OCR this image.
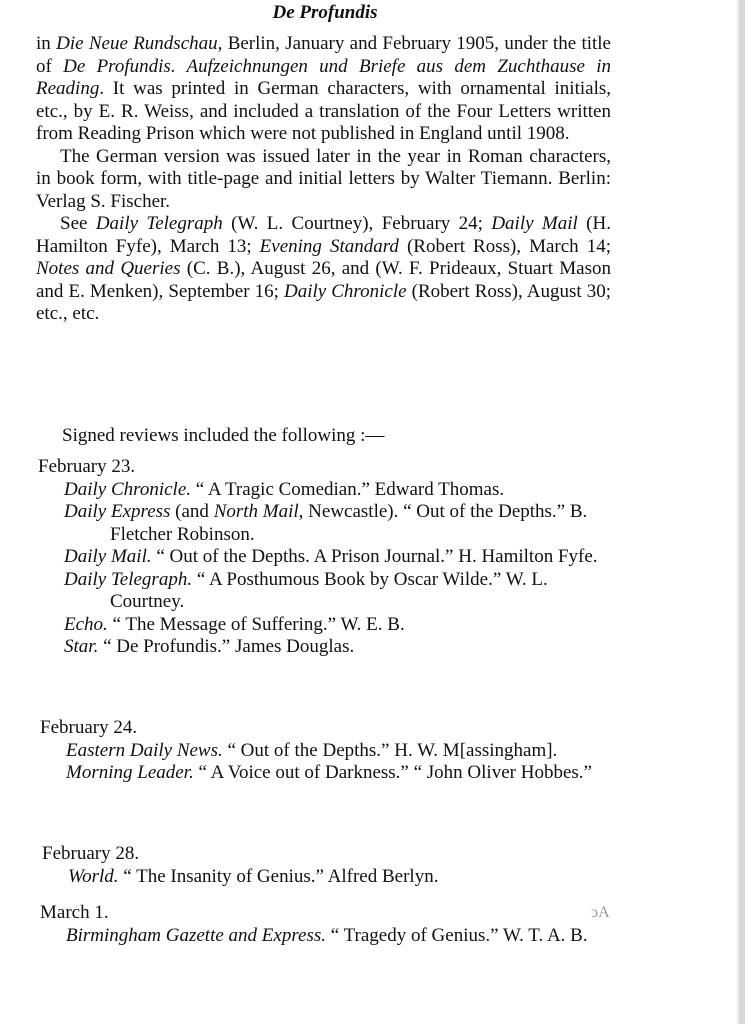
De Profundis

in Die Neue Rundschau, Berlin, January and February 1905, under the title of De Profundis. Aufzeichnungen und Briefe aus dem Zuchthause in Reading. It was printed in German characters, with ornamental initials, etc., by E. R. Weiss, and included a translation of the Four Letters written from Reading Prison which were not published in England until 1908.

The German version was issued later in the year in Roman characters, in book form, with title-page and initial letters by Walter Tiemann. Berlin: Verlag S. Fischer.

See Daily Telegraph (W. L. Courtney), February 24; Daily Mail (H. Hamilton Fyfe), March 13; Evening Standard (Robert Ross), March 14; Notes and Queries (C. B.), August 26, and (W. F. Prideaux, Stuart Mason and E. Menken), September 16; Daily Chronicle (Robert Ross), August 30; etc., etc.

Signed reviews included the following :—

February 23.

Daily Chronicle. “ A Tragic Comedian.” Edward Thomas.

Daily Express (and North Mail, Newcastle). “ Out of the Depths.” B. Fletcher Robinson.

Daily Mail. “ Out of the Depths. A Prison Journal.” H. Hamilton Fyfe.

Daily Telegraph. “ A Posthumous Book by Oscar Wilde.” W. L. Courtney.

Echo. “ The Message of Suffering.” W. E. B.

Star. “ De Profundis.” James Douglas.

February 24.

Eastern Daily News. “ Out of the Depths.” H. W. M[assingham].

Morning Leader. “ A Voice out of Darkness.” “ John Oliver Hobbes.”

February 28.

World. “ The Insanity of Genius.” Alfred Berlyn.

March 1.

Birmingham Gazette and Express. “ Tragedy of Genius.” W. T. A. B.

ↄA
